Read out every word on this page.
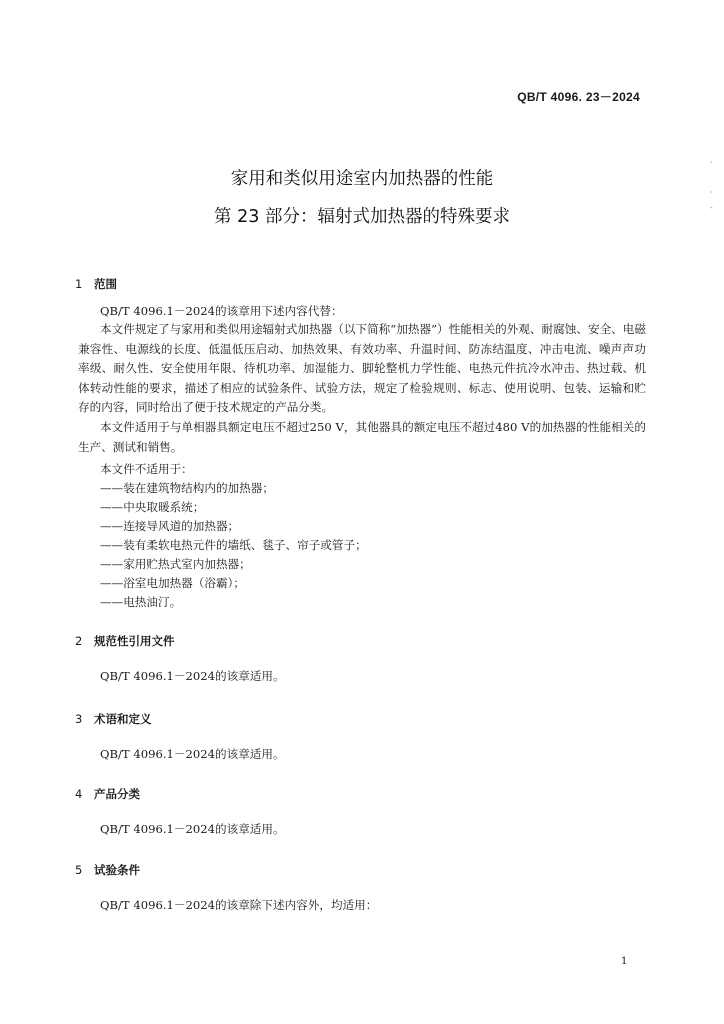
QB/T 4096. 23－2024
·
·
-
家用和类似用途室内加热器的性能
第 23 部分：辐射式加热器的特殊要求
1 范围
QB/T 4096.1－2024的该章用下述内容代替：
本文件规定了与家用和类似用途辐射式加热器（以下简称“加热器”）性能相关的外观、耐腐蚀、安全、电磁兼容性、电源线的长度、低温低压启动、加热效果、有效功率、升温时间、防冻结温度、冲击电流、噪声声功率级、耐久性、安全使用年限、待机功率、加湿能力、脚轮整机力学性能、电热元件抗冷水冲击、热过载、机体转动性能的要求，描述了相应的试验条件、试验方法，规定了检验规则、标志、使用说明、包装、运输和贮存的内容，同时给出了便于技术规定的产品分类。
本文件适用于与单相器具额定电压不超过250 V，其他器具的额定电压不超过480 V的加热器的性能相关的生产、测试和销售。
本文件不适用于：
——装在建筑物结构内的加热器；
——中央取暖系统；
——连接导风道的加热器；
——装有柔软电热元件的墙纸、毯子、帘子或管子；
——家用贮热式室内加热器；
——浴室电加热器（浴霸）；
——电热油汀。
2 规范性引用文件
QB/T 4096.1－2024的该章适用。
3 术语和定义
QB/T 4096.1－2024的该章适用。
4 产品分类
QB/T 4096.1－2024的该章适用。
5 试验条件
QB/T 4096.1－2024的该章除下述内容外，均适用：
1
